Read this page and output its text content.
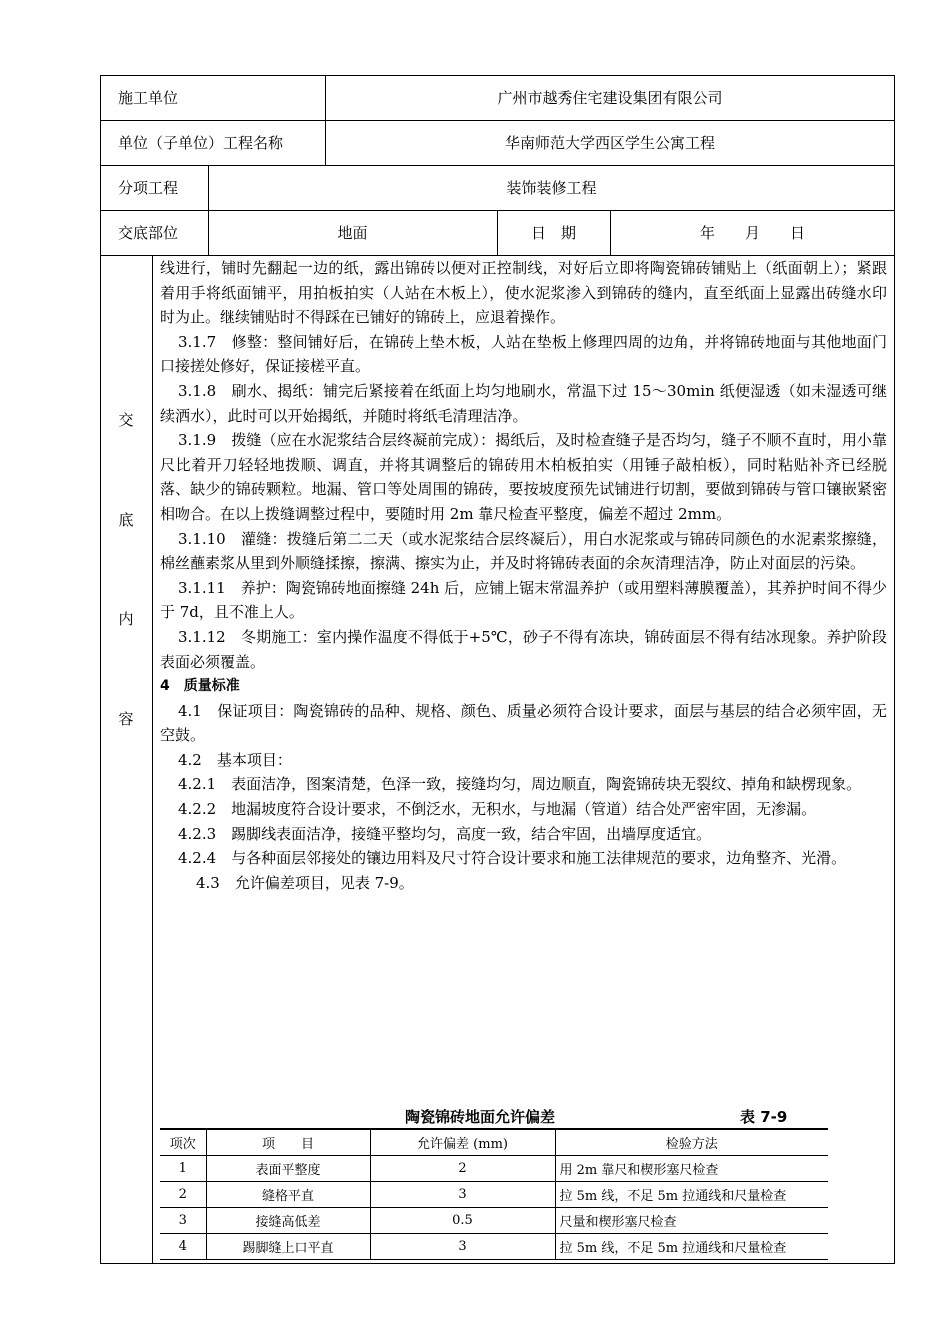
施工单位	广州市越秀住宅建设集团有限公司
单位（子单位）工程名称	华南师范大学西区学生公寓工程
分项工程	装饰装修工程
交底部位	地面	日　期	年　　月　　日
交
底
内
容

线进行，铺时先翻起一边的纸，露出锦砖以便对正控制线，对好后立即将陶瓷锦砖铺贴上（纸面朝上）；紧跟着用手将纸面铺平，用拍板拍实（人站在木板上），使水泥浆渗入到锦砖的缝内，直至纸面上显露出砖缝水印时为止。继续铺贴时不得踩在已铺好的锦砖上，应退着操作。

3.1.7　修整：整间铺好后，在锦砖上垫木板，人站在垫板上修理四周的边角，并将锦砖地面与其他地面门口接搓处修好，保证接槎平直。

3.1.8　刷水、揭纸：铺完后紧接着在纸面上均匀地刷水，常温下过 15～30min 纸便湿透（如未湿透可继续洒水），此时可以开始揭纸，并随时将纸毛清理洁净。

3.1.9　拨缝（应在水泥浆结合层终凝前完成）：揭纸后，及时检查缝子是否均匀，缝子不顺不直时，用小靠尺比着开刀轻轻地拨顺、调直，并将其调整后的锦砖用木柏板拍实（用锤子敲柏板），同时粘贴补齐已经脱落、缺少的锦砖颗粒。地漏、管口等处周围的锦砖，要按坡度预先试铺进行切割，要做到锦砖与管口镶嵌紧密相吻合。在以上拨缝调整过程中，要随时用 2m 靠尺检查平整度，偏差不超过 2mm。

3.1.10　灌缝：拨缝后第二二天（或水泥浆结合层终凝后），用白水泥浆或与锦砖同颜色的水泥素浆擦缝，棉丝蘸素浆从里到外顺缝揉擦，擦满、擦实为止，并及时将锦砖表面的余灰清理洁净，防止对面层的污染。

3.1.11　养护：陶瓷锦砖地面擦缝 24h 后，应铺上锯末常温养护（或用塑料薄膜覆盖），其养护时间不得少于 7d，且不准上人。

3.1.12　冬期施工：室内操作温度不得低于+5℃，砂子不得有冻块，锦砖面层不得有结冰现象。养护阶段表面必须覆盖。

4　质量标准

4.1　保证项目：陶瓷锦砖的品种、规格、颜色、质量必须符合设计要求，面层与基层的结合必须牢固，无空鼓。

4.2　基本项目：

4.2.1　表面洁净，图案清楚，色泽一致，接缝均匀，周边顺直，陶瓷锦砖块无裂纹、掉角和缺楞现象。

4.2.2　地漏坡度符合设计要求，不倒泛水，无积水，与地漏（管道）结合处严密牢固，无渗漏。

4.2.3　踢脚线表面洁净，接缝平整均匀，高度一致，结合牢固，出墙厚度适宜。

4.2.4　与各种面层邻接处的镶边用料及尺寸符合设计要求和施工法律规范的要求，边角整齐、光滑。

4.3　允许偏差项目，见表 7-9。

陶瓷锦砖地面允许偏差	表 7-9
项次	项　　目	允许偏差 (mm)	检验方法
1	表面平整度	2	用 2m 靠尺和楔形塞尺检查
2	缝格平直	3	拉 5m 线，不足 5m 拉通线和尺量检查
3	接缝高低差	0.5	尺量和楔形塞尺检查
4	踢脚缝上口平直	3	拉 5m 线，不足 5m 拉通线和尺量检查
